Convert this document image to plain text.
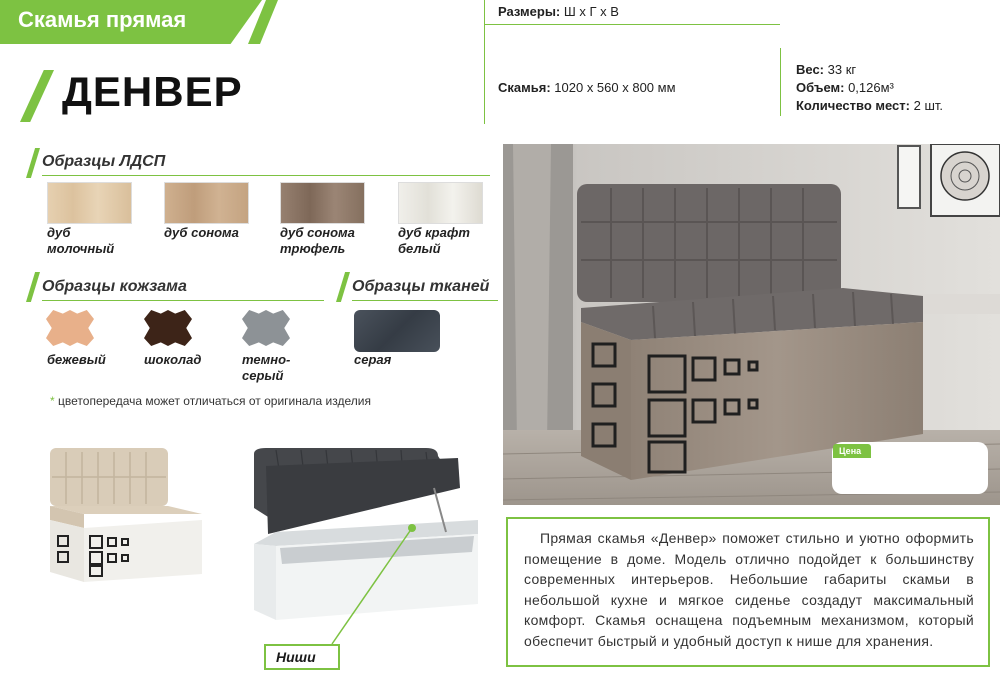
Скамья прямая
ДЕНВЕР
Размеры: Ш х Г х В
Скамья: 1020 х 560 х 800 мм
Вес: 33 кг
Объем: 0,126м³
Количество мест: 2 шт.
Образцы ЛДСП
дуб
молочный
дуб сонома	дуб сонома
трюфель
дуб крафт
белый
Образцы кожзама	Образцы тканей
бежевый	шоколад	темно-
серый
серая
* цветопередача может отличаться от оригинала изделия
Ниши
Цена

Прямая скамья «Денвер» поможет стильно и уютно оформить помещение в доме. Модель отлично подойдет к большинству современных интерьеров. Небольшие габариты скамьи в небольшой кухне и мягкое сиденье создадут максимальный комфорт. Скамья оснащена подъемным механизмом, который обеспечит быстрый и удобный доступ к нише для хранения.
